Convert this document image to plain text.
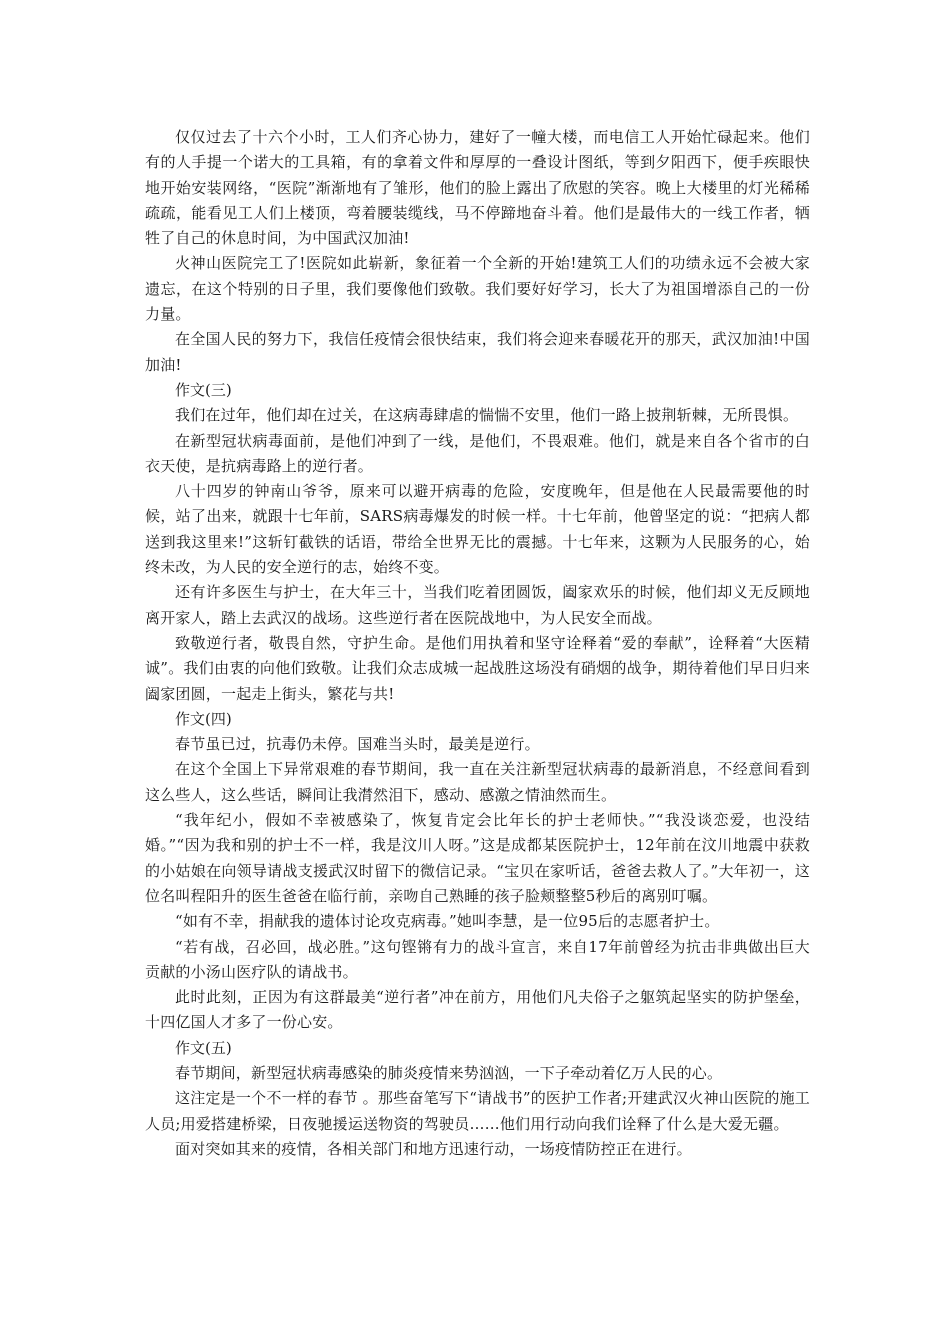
仅仅过去了十六个小时，工人们齐心协力，建好了一幢大楼，而电信工人开始忙碌起来。他们有的人手提一个诺大的工具箱，有的拿着文件和厚厚的一叠设计图纸，等到夕阳西下，便手疾眼快地开始安装网络，“医院”渐渐地有了雏形，他们的脸上露出了欣慰的笑容。晚上大楼里的灯光稀稀疏疏，能看见工人们上楼顶，弯着腰装缆线，马不停蹄地奋斗着。他们是最伟大的一线工作者，牺牲了自己的休息时间，为中国武汉加油!

火神山医院完工了!医院如此崭新，象征着一个全新的开始!建筑工人们的功绩永远不会被大家遗忘，在这个特别的日子里，我们要像他们致敬。我们要好好学习，长大了为祖国增添自己的一份力量。

在全国人民的努力下，我信任疫情会很快结束，我们将会迎来春暖花开的那天，武汉加油!中国加油!

作文(三)

我们在过年，他们却在过关，在这病毒肆虐的惴惴不安里，他们一路上披荆斩棘，无所畏惧。

在新型冠状病毒面前，是他们冲到了一线，是他们，不畏艰难。他们，就是来自各个省市的白衣天使，是抗病毒路上的逆行者。

八十四岁的钟南山爷爷，原来可以避开病毒的危险，安度晚年，但是他在人民最需要他的时候，站了出来，就跟十七年前，SARS病毒爆发的时候一样。十七年前，他曾坚定的说：“把病人都送到我这里来!”这斩钉截铁的话语，带给全世界无比的震撼。十七年来，这颗为人民服务的心，始终未改，为人民的安全逆行的志，始终不变。

还有许多医生与护士，在大年三十，当我们吃着团圆饭，阖家欢乐的时候，他们却义无反顾地离开家人，踏上去武汉的战场。这些逆行者在医院战地中，为人民安全而战。

致敬逆行者，敬畏自然，守护生命。是他们用执着和坚守诠释着“爱的奉献”，诠释着“大医精诚”。我们由衷的向他们致敬。让我们众志成城一起战胜这场没有硝烟的战争，期待着他们早日归来阖家团圆，一起走上街头，繁花与共!

作文(四)

春节虽已过，抗毒仍未停。国难当头时，最美是逆行。

在这个全国上下异常艰难的春节期间，我一直在关注新型冠状病毒的最新消息，不经意间看到这么些人，这么些话，瞬间让我潸然泪下，感动、感激之情油然而生。

“我年纪小，假如不幸被感染了，恢复肯定会比年长的护士老师快。”“我没谈恋爱，也没结婚。”“因为我和别的护士不一样，我是汶川人呀。”这是成都某医院护士，12年前在汶川地震中获救的小姑娘在向领导请战支援武汉时留下的微信记录。“宝贝在家听话，爸爸去救人了。”大年初一，这位名叫程阳升的医生爸爸在临行前，亲吻自己熟睡的孩子脸颊整整5秒后的离别叮嘱。

“如有不幸，捐献我的遗体讨论攻克病毒。”她叫李慧，是一位95后的志愿者护士。

“若有战，召必回，战必胜。”这句铿锵有力的战斗宣言，来自17年前曾经为抗击非典做出巨大贡献的小汤山医疗队的请战书。

此时此刻，正因为有这群最美“逆行者”冲在前方，用他们凡夫俗子之躯筑起坚实的防护堡垒，十四亿国人才多了一份心安。

作文(五)

春节期间，新型冠状病毒感染的肺炎疫情来势汹汹，一下子牵动着亿万人民的心。

这注定是一个不一样的春节 。那些奋笔写下“请战书”的医护工作者;开建武汉火神山医院的施工人员;用爱搭建桥梁，日夜驰援运送物资的驾驶员……他们用行动向我们诠释了什么是大爱无疆。

面对突如其来的疫情，各相关部门和地方迅速行动，一场疫情防控正在进行。
